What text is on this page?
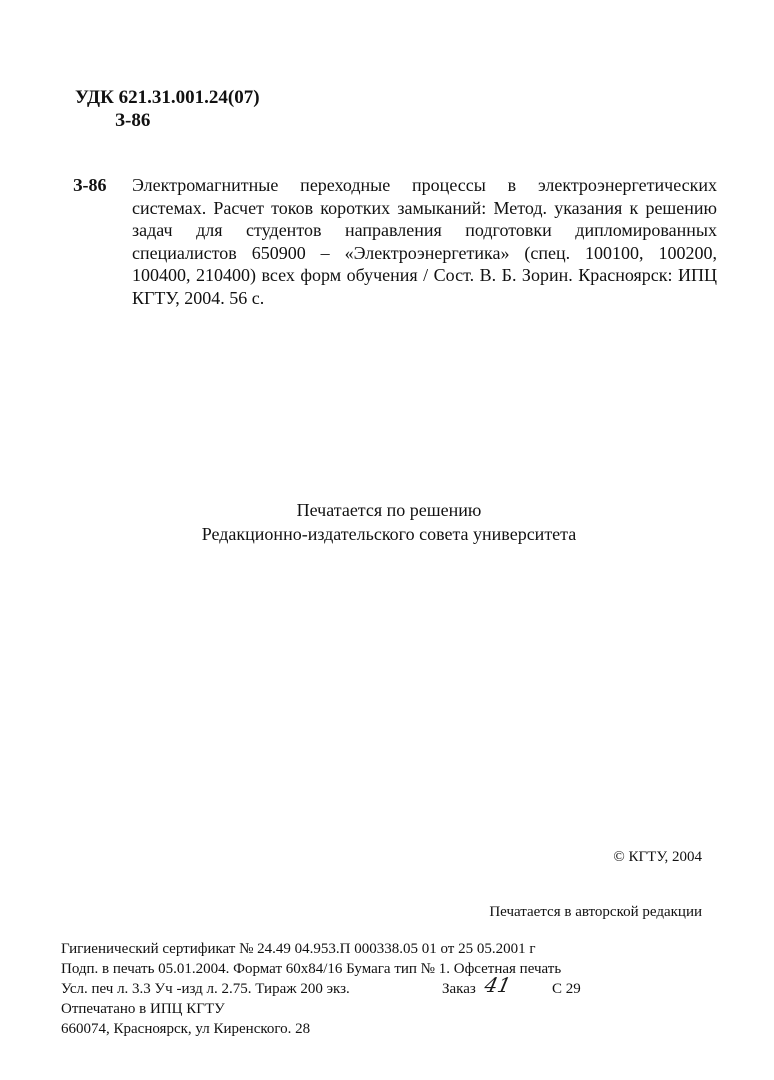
УДК 621.31.001.24(07)
З-86
З-86 Электромагнитные переходные процессы в электроэнергетических системах. Расчет токов коротких замыканий: Метод. указания к решению задач для студентов направления подготовки дипломированных специалистов 650900 – «Электроэнергетика» (спец. 100100, 100200, 100400, 210400) всех форм обучения / Сост. В. Б. Зорин. Красноярск: ИПЦ КГТУ, 2004. 56 с.
Печатается по решению
Редакционно-издательского совета университета
© КГТУ, 2004
Печатается в авторской редакции
Гигиенический сертификат № 24.49 04.953.П 000338.05 01 от 25 05.2001 г
Подп. в печать 05.01.2004. Формат 60x84/16 Бумага тип № 1. Офсетная печать
Усл. печ л. 3.3 Уч -изд л. 2.75. Тираж 200 экз.	Заказ 41	С 29
Отпечатано в ИПЦ КГТУ
660074, Красноярск, ул Киренского. 28
